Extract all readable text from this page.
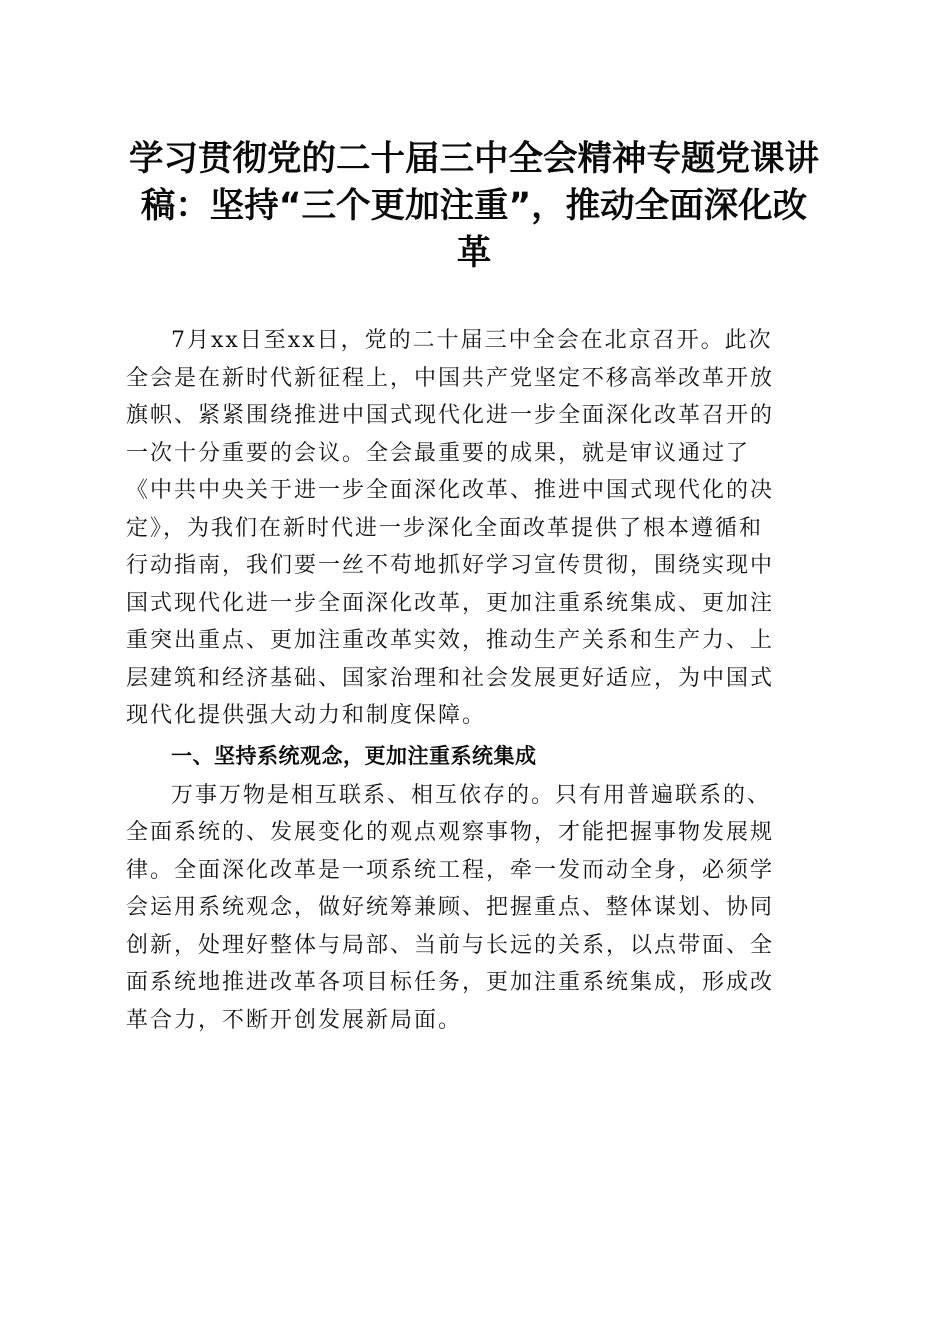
学习贯彻党的二十届三中全会精神专题党课讲
稿：坚持“三个更加注重”，推动全面深化改
革

7月xx日至xx日，党的二十届三中全会在北京召开。此次
全会是在新时代新征程上，中国共产党坚定不移高举改革开放
旗帜、紧紧围绕推进中国式现代化进一步全面深化改革召开的
一次十分重要的会议。全会最重要的成果，就是审议通过了
《中共中央关于进一步全面深化改革、推进中国式现代化的决
定》，为我们在新时代进一步深化全面改革提供了根本遵循和
行动指南，我们要一丝不苟地抓好学习宣传贯彻，围绕实现中
国式现代化进一步全面深化改革，更加注重系统集成、更加注
重突出重点、更加注重改革实效，推动生产关系和生产力、上
层建筑和经济基础、国家治理和社会发展更好适应，为中国式
现代化提供强大动力和制度保障。

一、坚持系统观念，更加注重系统集成

万事万物是相互联系、相互依存的。只有用普遍联系的、
全面系统的、发展变化的观点观察事物，才能把握事物发展规
律。全面深化改革是一项系统工程，牵一发而动全身，必须学
会运用系统观念，做好统筹兼顾、把握重点、整体谋划、协同
创新，处理好整体与局部、当前与长远的关系，以点带面、全
面系统地推进改革各项目标任务，更加注重系统集成，形成改
革合力，不断开创发展新局面。
